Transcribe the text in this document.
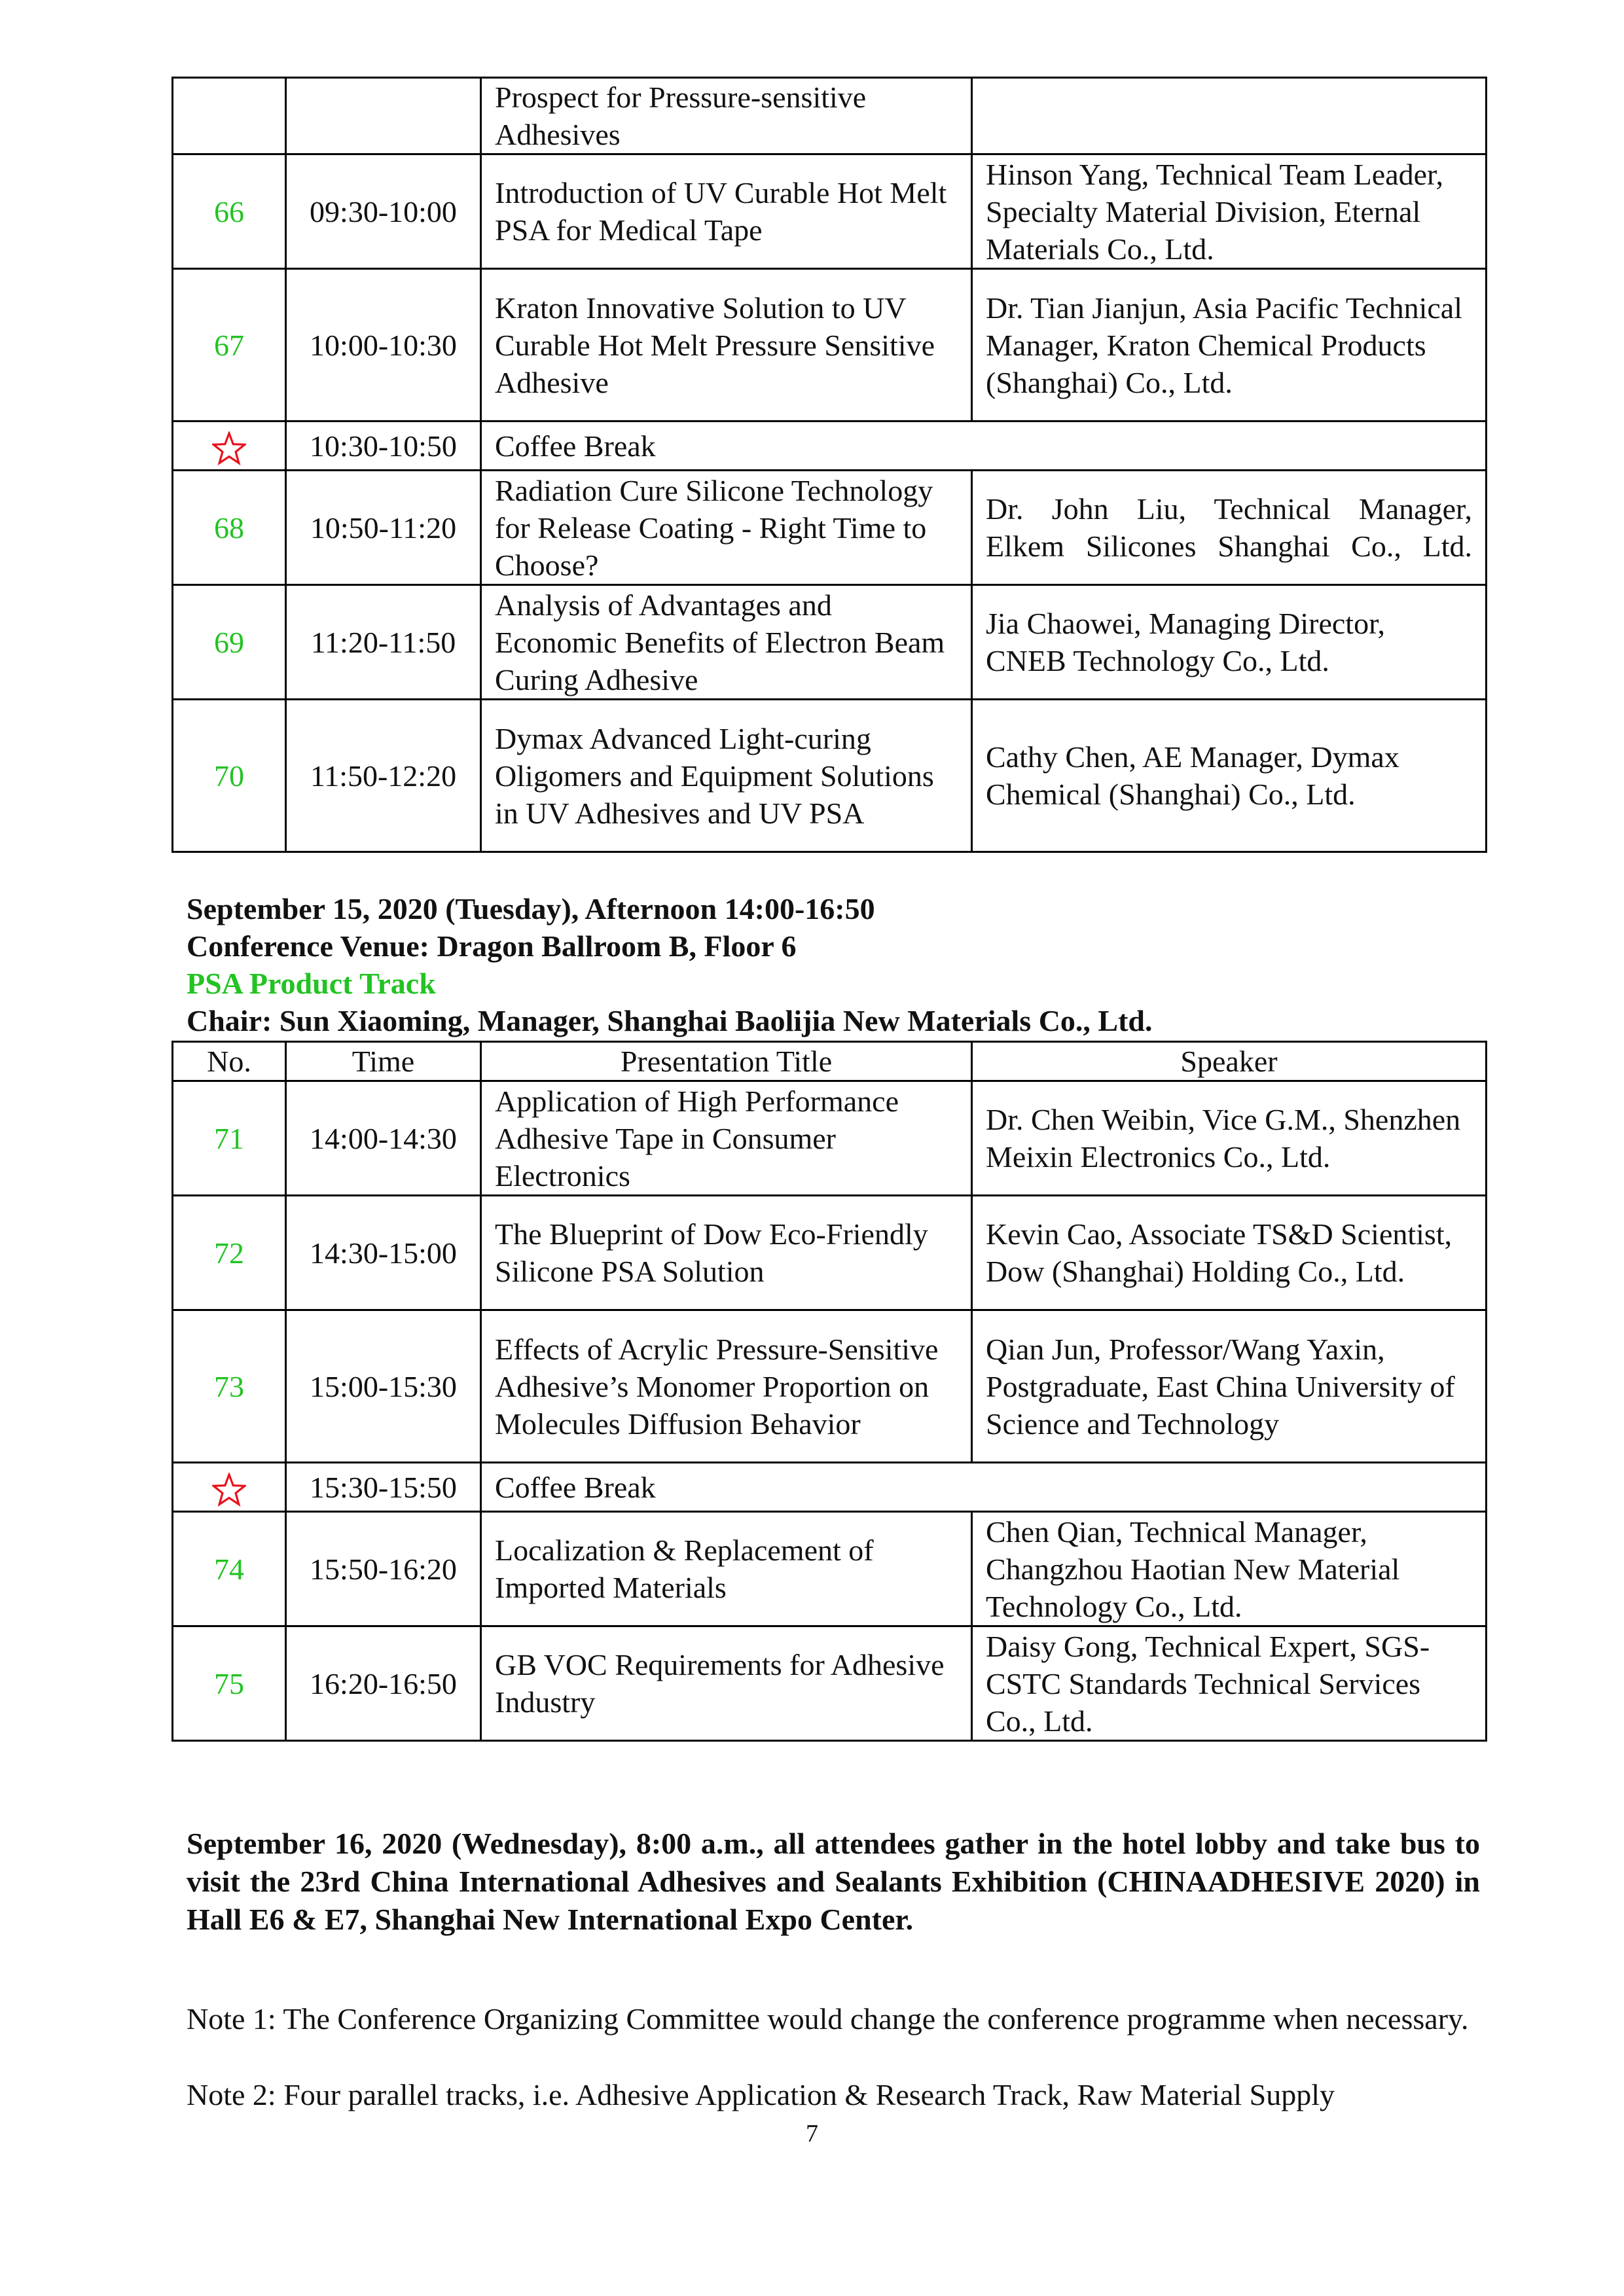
		Prospect for Pressure-sensitive Adhesives	
66	09:30-10:00	Introduction of UV Curable Hot Melt PSA for Medical Tape	Hinson Yang, Technical Team Leader, Specialty Material Division, Eternal Materials Co., Ltd.
67	10:00-10:30	Kraton Innovative Solution to UV Curable Hot Melt Pressure Sensitive Adhesive	Dr. Tian Jianjun, Asia Pacific Technical Manager, Kraton Chemical Products (Shanghai) Co., Ltd.
	10:30-10:50	Coffee Break	
68	10:50-11:20	Radiation Cure Silicone Technology for Release Coating - Right Time to Choose?	Dr. John Liu, Technical Manager, Elkem Silicones Shanghai Co., Ltd.
69	11:20-11:50	Analysis of Advantages and Economic Benefits of Electron Beam Curing Adhesive	Jia Chaowei, Managing Director, CNEB Technology Co., Ltd.
70	11:50-12:20	Dymax Advanced Light-curing Oligomers and Equipment Solutions in UV Adhesives and UV PSA	Cathy Chen, AE Manager, Dymax Chemical (Shanghai) Co., Ltd.
September 15, 2020 (Tuesday), Afternoon 14:00-16:50
Conference Venue: Dragon Ballroom B, Floor 6
PSA Product Track
Chair: Sun Xiaoming, Manager, Shanghai Baolijia New Materials Co., Ltd.
No.	Time	Presentation Title	Speaker
71	14:00-14:30	Application of High Performance Adhesive Tape in Consumer Electronics	Dr. Chen Weibin, Vice G.M., Shenzhen Meixin Electronics Co., Ltd.
72	14:30-15:00	The Blueprint of Dow Eco-Friendly Silicone PSA Solution	Kevin Cao, Associate TS&D Scientist, Dow (Shanghai) Holding Co., Ltd.
73	15:00-15:30	Effects of Acrylic Pressure-Sensitive Adhesive’s Monomer Proportion on Molecules Diffusion Behavior	Qian Jun, Professor/Wang Yaxin, Postgraduate, East China University of Science and Technology
	15:30-15:50	Coffee Break	
74	15:50-16:20	Localization & Replacement of Imported Materials	Chen Qian, Technical Manager, Changzhou Haotian New Material Technology Co., Ltd.
75	16:20-16:50	GB VOC Requirements for Adhesive Industry	Daisy Gong, Technical Expert, SGS-CSTC Standards Technical Services Co., Ltd.
September 16, 2020 (Wednesday), 8:00 a.m., all attendees gather in the hotel lobby and take bus to visit the 23rd China International Adhesives and Sealants Exhibition (CHINAADHESIVE 2020) in Hall E6 & E7, Shanghai New International Expo Center.
Note 1: The Conference Organizing Committee would change the conference programme when necessary.
Note 2: Four parallel tracks, i.e. Adhesive Application & Research Track, Raw Material Supply
7
